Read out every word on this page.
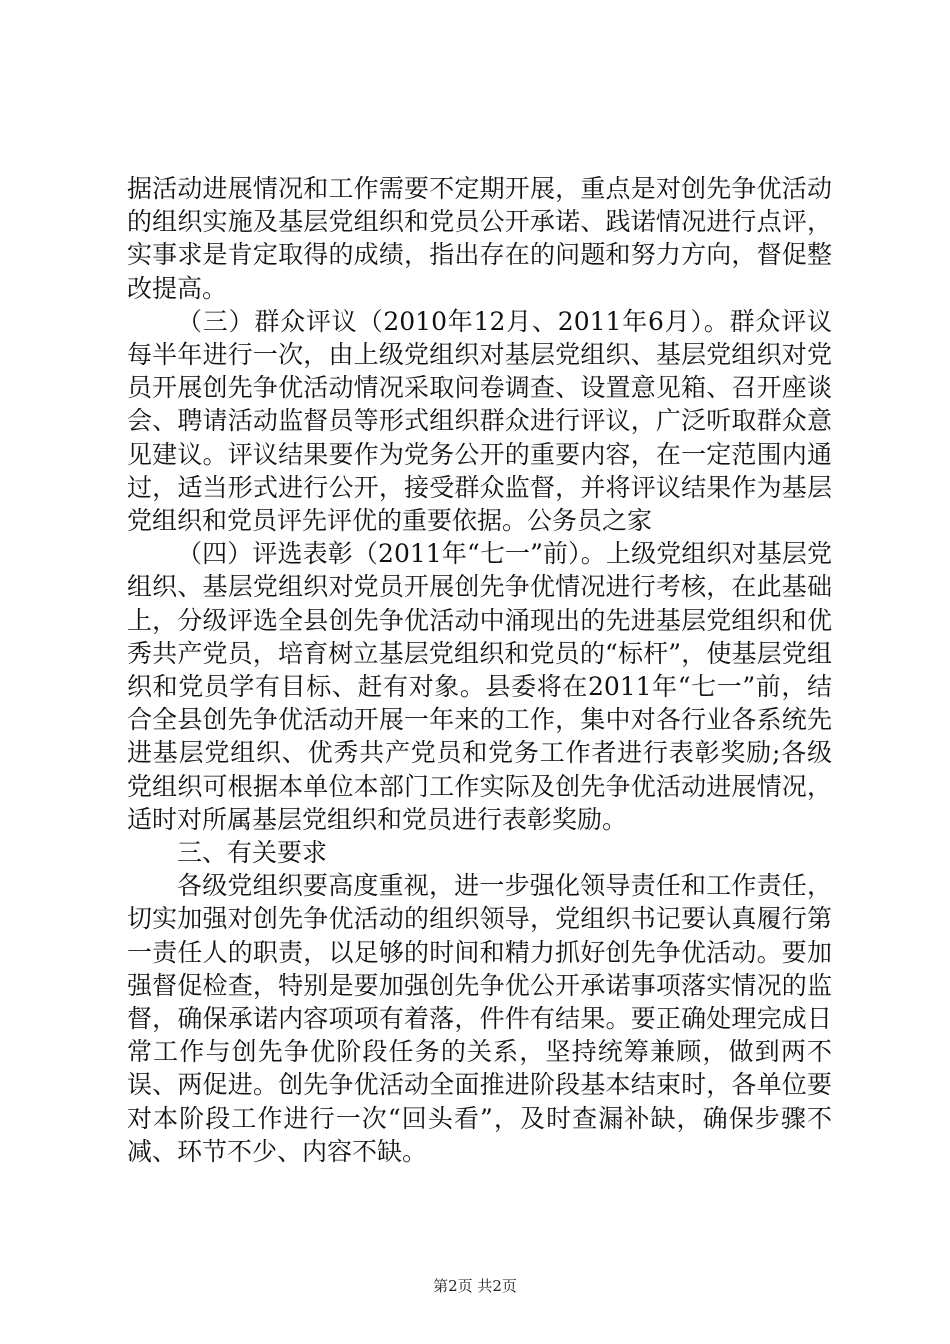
据活动进展情况和工作需要不定期开展，重点是对创先争优活动的组织实施及基层党组织和党员公开承诺、践诺情况进行点评，实事求是肯定取得的成绩，指出存在的问题和努力方向，督促整改提高。

（三）群众评议（2010年12月、2011年6月）。群众评议每半年进行一次，由上级党组织对基层党组织、基层党组织对党员开展创先争优活动情况采取问卷调查、设置意见箱、召开座谈会、聘请活动监督员等形式组织群众进行评议，广泛听取群众意见建议。评议结果要作为党务公开的重要内容，在一定范围内通过，适当形式进行公开，接受群众监督，并将评议结果作为基层党组织和党员评先评优的重要依据。公务员之家

（四）评选表彰（2011年“七一”前）。上级党组织对基层党组织、基层党组织对党员开展创先争优情况进行考核，在此基础上，分级评选全县创先争优活动中涌现出的先进基层党组织和优秀共产党员，培育树立基层党组织和党员的“标杆”，使基层党组织和党员学有目标、赶有对象。县委将在2011年“七一”前，结合全县创先争优活动开展一年来的工作，集中对各行业各系统先进基层党组织、优秀共产党员和党务工作者进行表彰奖励;各级党组织可根据本单位本部门工作实际及创先争优活动进展情况，适时对所属基层党组织和党员进行表彰奖励。

三、有关要求

各级党组织要高度重视，进一步强化领导责任和工作责任，切实加强对创先争优活动的组织领导，党组织书记要认真履行第一责任人的职责，以足够的时间和精力抓好创先争优活动。要加强督促检查，特别是要加强创先争优公开承诺事项落实情况的监督，确保承诺内容项项有着落，件件有结果。要正确处理完成日常工作与创先争优阶段任务的关系，坚持统筹兼顾，做到两不误、两促进。创先争优活动全面推进阶段基本结束时，各单位要对本阶段工作进行一次“回头看”，及时查漏补缺，确保步骤不减、环节不少、内容不缺。

第2页 共2页
